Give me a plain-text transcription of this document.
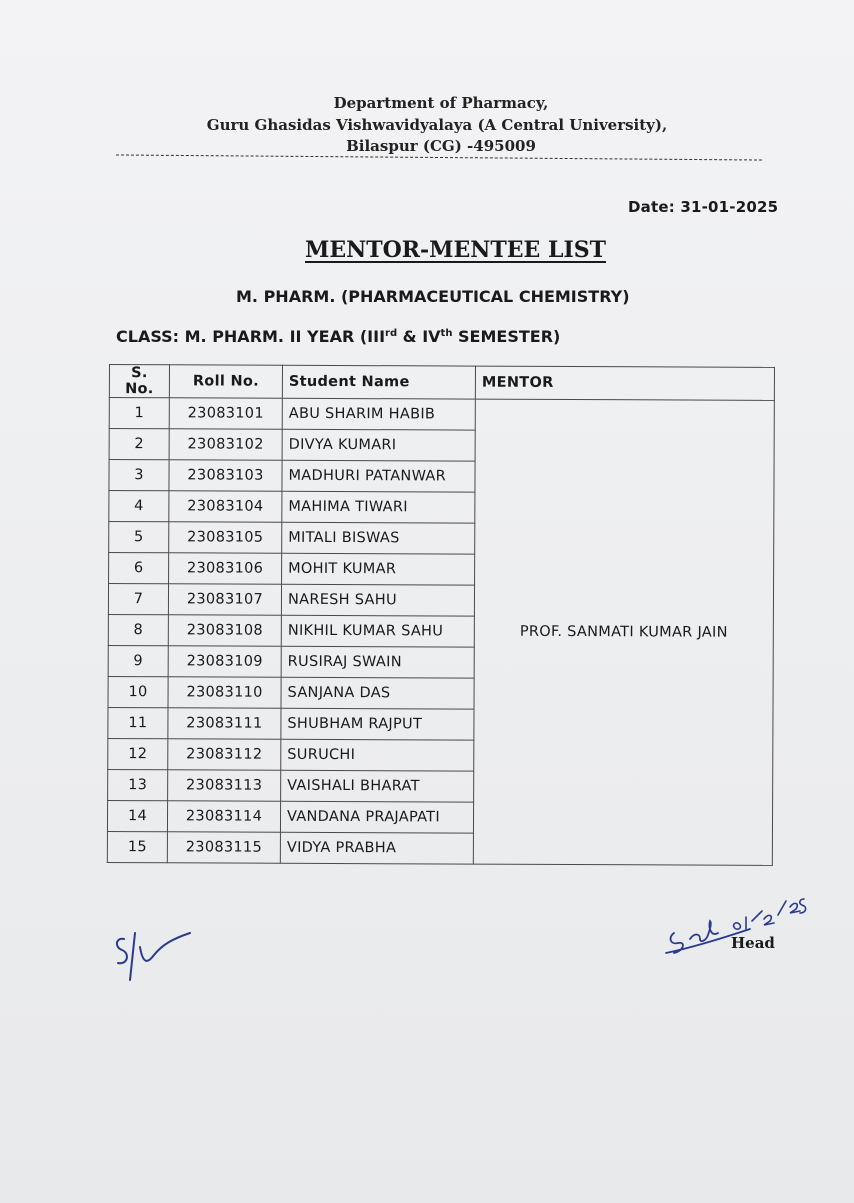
Department of Pharmacy,
Guru Ghasidas Vishwavidyalaya (A Central University),
Bilaspur (CG) -495009
Date: 31-01-2025
MENTOR-MENTEE LIST
M. PHARM. (PHARMACEUTICAL CHEMISTRY)
CLASS: M. PHARM. II YEAR (IIIrd & IVth SEMESTER)
S. No.	Roll No.	Student Name	MENTOR
1	23083101	ABU SHARIM HABIB	PROF. SANMATI KUMAR JAIN
2	23083102	DIVYA KUMARI	
3	23083103	MADHURI PATANWAR	
4	23083104	MAHIMA TIWARI	
5	23083105	MITALI BISWAS	
6	23083106	MOHIT KUMAR	
7	23083107	NARESH SAHU	
8	23083108	NIKHIL KUMAR SAHU	
9	23083109	RUSIRAJ SWAIN	
10	23083110	SANJANA DAS	
11	23083111	SHUBHAM RAJPUT	
12	23083112	SURUCHI	
13	23083113	VAISHALI BHARAT	
14	23083114	VANDANA PRAJAPATI	
15	23083115	VIDYA PRABHA	
Head
